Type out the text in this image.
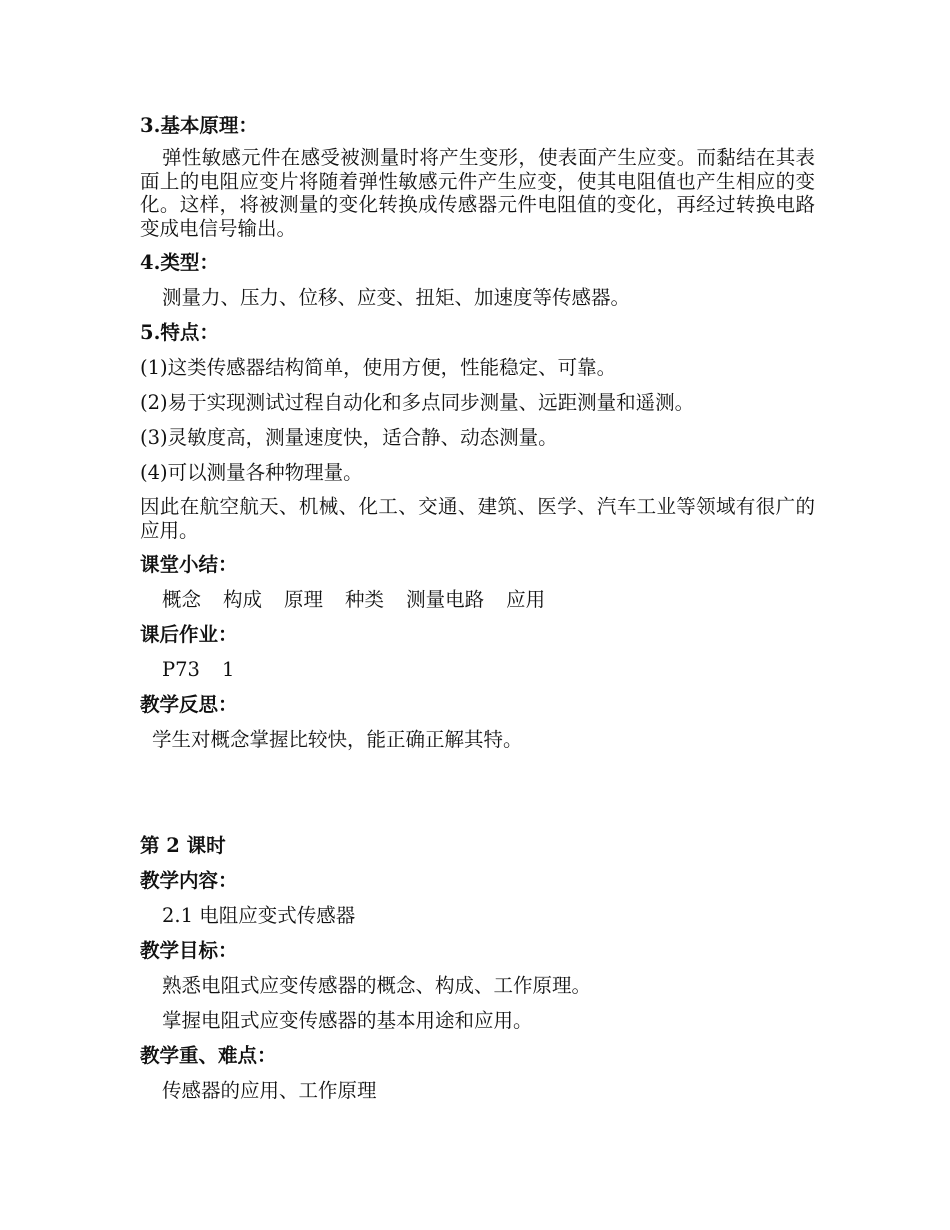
3.基本原理：

弹性敏感元件在感受被测量时将产生变形，使表面产生应变。而黏结在其表面上的电阻应变片将随着弹性敏感元件产生应变，使其电阻值也产生相应的变化。这样，将被测量的变化转换成传感器元件电阻值的变化，再经过转换电路变成电信号输出。

4.类型：

测量力、压力、位移、应变、扭矩、加速度等传感器。

5.特点：

(1)这类传感器结构简单，使用方便，性能稳定、可靠。

(2)易于实现测试过程自动化和多点同步测量、远距测量和遥测。

(3)灵敏度高，测量速度快，适合静、动态测量。

(4)可以测量各种物理量。

因此在航空航天、机械、化工、交通、建筑、医学、汽车工业等领域有很广的应用。

课堂小结：

概念 构成 原理 种类 测量电路 应用

课后作业：

P73 1

教学反思：

学生对概念掌握比较快，能正确正解其特。

第 2 课时

教学内容：

2.1 电阻应变式传感器

教学目标：

熟悉电阻式应变传感器的概念、构成、工作原理。

掌握电阻式应变传感器的基本用途和应用。

教学重、难点：

传感器的应用、工作原理
